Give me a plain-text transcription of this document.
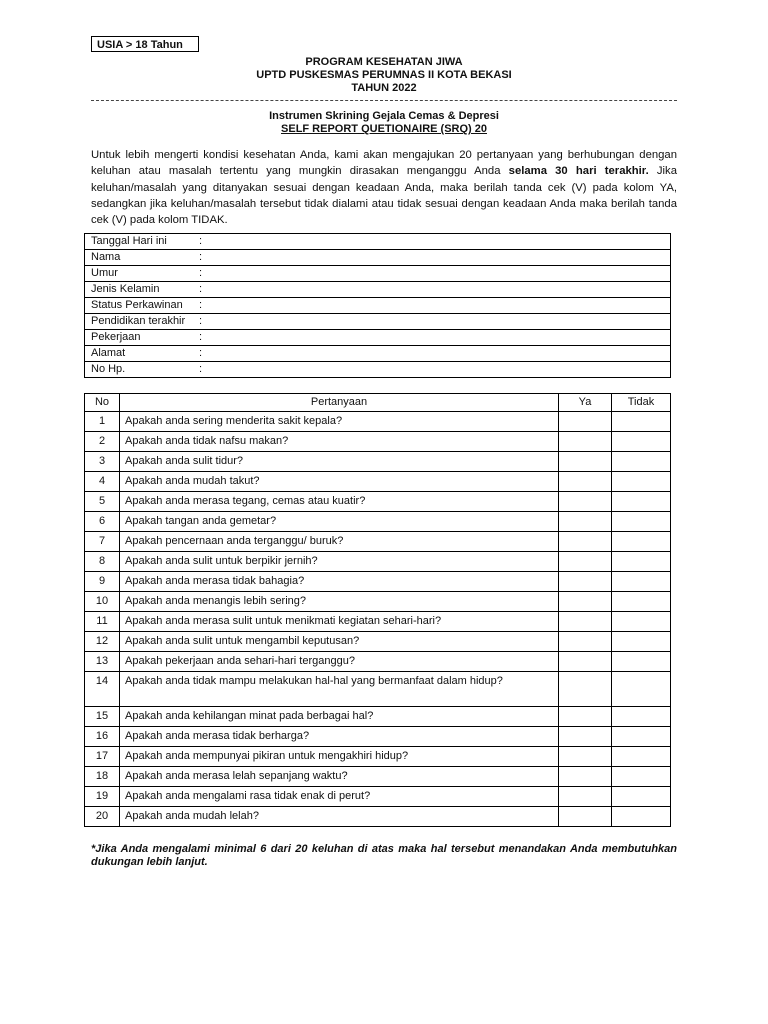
USIA > 18 Tahun
PROGRAM KESEHATAN JIWA
UPTD PUSKESMAS PERUMNAS II KOTA BEKASI
TAHUN 2022
Instrumen Skrining Gejala Cemas & Depresi
SELF REPORT QUETIONAIRE (SRQ) 20
Untuk lebih mengerti kondisi kesehatan Anda, kami akan mengajukan 20 pertanyaan yang berhubungan dengan keluhan atau masalah tertentu yang mungkin dirasakan menganggu Anda selama 30 hari terakhir. Jika keluhan/masalah yang ditanyakan sesuai dengan keadaan Anda, maka berilah tanda cek (V) pada kolom YA, sedangkan jika keluhan/masalah tersebut tidak dialami atau tidak sesuai dengan keadaan Anda maka berilah tanda cek (V) pada kolom TIDAK.
Tanggal Hari ini	:
Nama	:
Umur	:
Jenis Kelamin	:
Status Perkawinan :
Pendidikan terakhir :
Pekerjaan	:
Alamat	:
No Hp.	:
No	Pertanyaan	Ya	Tidak
1	Apakah anda sering menderita sakit kepala?		
2	Apakah anda tidak nafsu makan?		
3	Apakah anda sulit tidur?		
4	Apakah anda mudah takut?		
5	Apakah anda merasa tegang, cemas atau kuatir?		
6	Apakah tangan anda gemetar?		
7	Apakah pencernaan anda terganggu/ buruk?		
8	Apakah anda sulit untuk berpikir jernih?		
9	Apakah anda merasa tidak bahagia?		
10	Apakah anda menangis lebih sering?		
11	Apakah anda merasa sulit untuk menikmati kegiatan sehari-hari?		
12	Apakah anda sulit untuk mengambil keputusan?		
13	Apakah pekerjaan anda sehari-hari terganggu?		
14	Apakah anda tidak mampu melakukan hal-hal yang bermanfaat dalam hidup?		
15	Apakah anda kehilangan minat pada berbagai hal?		
16	Apakah anda merasa tidak berharga?		
17	Apakah anda mempunyai pikiran untuk mengakhiri hidup?		
18	Apakah anda merasa lelah sepanjang waktu?		
19	Apakah anda mengalami rasa tidak enak di perut?		
20	Apakah anda mudah lelah?		
*Jika Anda mengalami minimal 6 dari 20 keluhan di atas maka hal tersebut menandakan Anda membutuhkan dukungan lebih lanjut.
